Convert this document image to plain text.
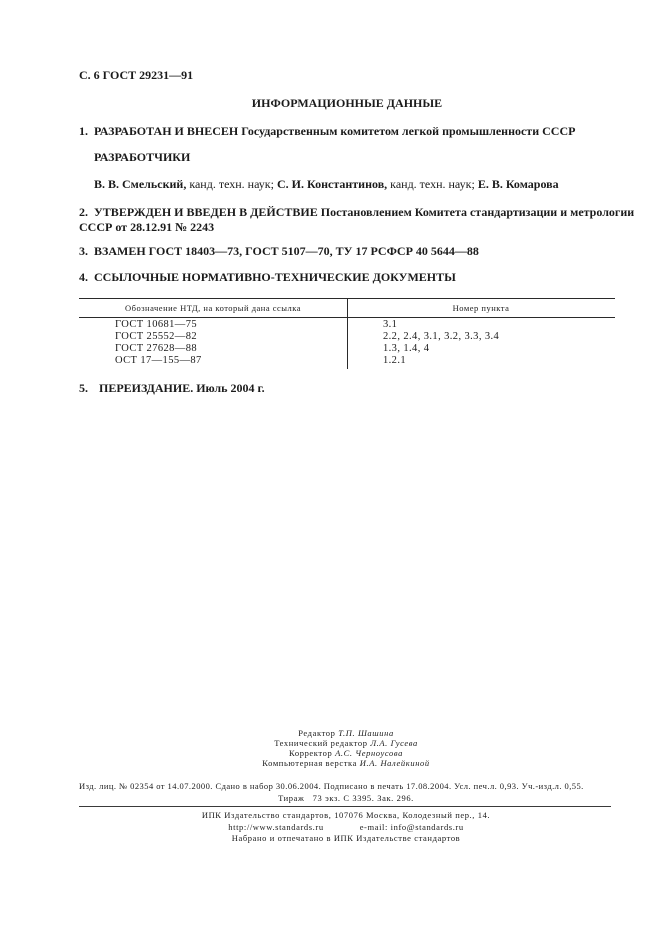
С. 6 ГОСТ 29231—91
ИНФОРМАЦИОННЫЕ ДАННЫЕ
1. РАЗРАБОТАН И ВНЕСЕН Государственным комитетом легкой промышленности СССР
РАЗРАБОТЧИКИ
В. В. Смельский, канд. техн. наук; С. И. Константинов, канд. техн. наук; Е. В. Комарова
2. УТВЕРЖДЕН И ВВЕДЕН В ДЕЙСТВИЕ Постановлением Комитета стандартизации и метрологии СССР от 28.12.91 № 2243
3. ВЗАМЕН ГОСТ 18403—73, ГОСТ 5107—70, ТУ 17 РСФСР 40 5644—88
4. ССЫЛОЧНЫЕ НОРМАТИВНО-ТЕХНИЧЕСКИЕ ДОКУМЕНТЫ
Обозначение НТД, на который дана ссылка	Номер пункта
ГОСТ 10681—75	3.1
ГОСТ 25552—82	2.2, 2.4, 3.1, 3.2, 3.3, 3.4
ГОСТ 27628—88	1.3, 1.4, 4
ОСТ 17—155—87	1.2.1
5. ПЕРЕИЗДАНИЕ. Июль 2004 г.
Редактор Т.П. Шашина
Технический редактор Л.А. Гусева
Корректор А.С. Черноусова
Компьютерная верстка И.А. Налейкиной
Изд. лиц. № 02354 от 14.07.2000. Сдано в набор 30.06.2004. Подписано в печать 17.08.2004. Усл. печ.л. 0,93. Уч.-изд.л. 0,55.
Тираж   73 экз. С 3395. Зак. 296.
ИПК Издательство стандартов, 107076 Москва, Колодезный пер., 14.
http://www.standards.ru	e-mail: info@standards.ru
Набрано и отпечатано в ИПК Издательстве стандартов
